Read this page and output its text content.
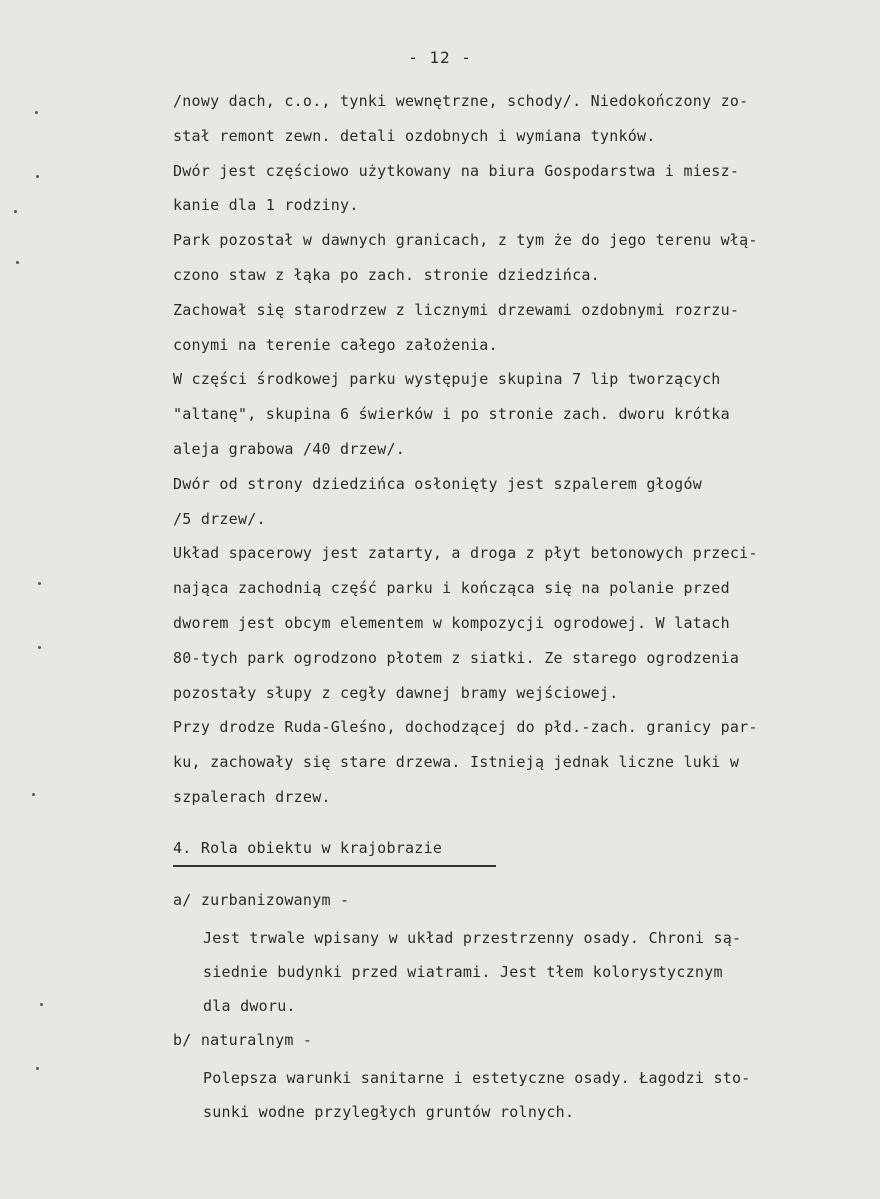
- 12 -
/nowy dach, c.o., tynki wewnętrzne, schody/. Niedokończony zo-
stał remont zewn. detali ozdobnych i wymiana tynków.
Dwór jest częściowo użytkowany na biura Gospodarstwa i miesz-
kanie dla 1 rodziny.
Park pozostał w dawnych granicach, z tym że do jego terenu włą-
czono staw z łąka po zach. stronie dziedzińca.
Zachował się starodrzew z licznymi drzewami ozdobnymi rozrzu-
conymi na terenie całego założenia.
W części środkowej parku występuje skupina 7 lip tworzących
"altanę", skupina 6 świerków i po stronie zach. dworu krótka
aleja grabowa /40 drzew/.
Dwór od strony dziedzińca osłonięty jest szpalerem głogów
/5 drzew/.
Układ spacerowy jest zatarty, a droga z płyt betonowych przeci-
nająca zachodnią część parku i kończąca się na polanie przed
dworem jest obcym elementem w kompozycji ogrodowej. W latach
80-tych park ogrodzono płotem z siatki. Ze starego ogrodzenia
pozostały słupy z cegły dawnej bramy wejściowej.
Przy drodze Ruda-Gleśno, dochodzącej do płd.-zach. granicy par-
ku, zachowały się stare drzewa. Istnieją jednak liczne luki w
szpalerach drzew.
4. Rola obiektu w krajobrazie
a/ zurbanizowanym -
Jest trwale wpisany w układ przestrzenny osady. Chroni są-
siednie budynki przed wiatrami. Jest tłem kolorystycznym
dla dworu.
b/ naturalnym -
Polepsza warunki sanitarne i estetyczne osady. Łagodzi sto-
sunki wodne przyległych gruntów rolnych.
